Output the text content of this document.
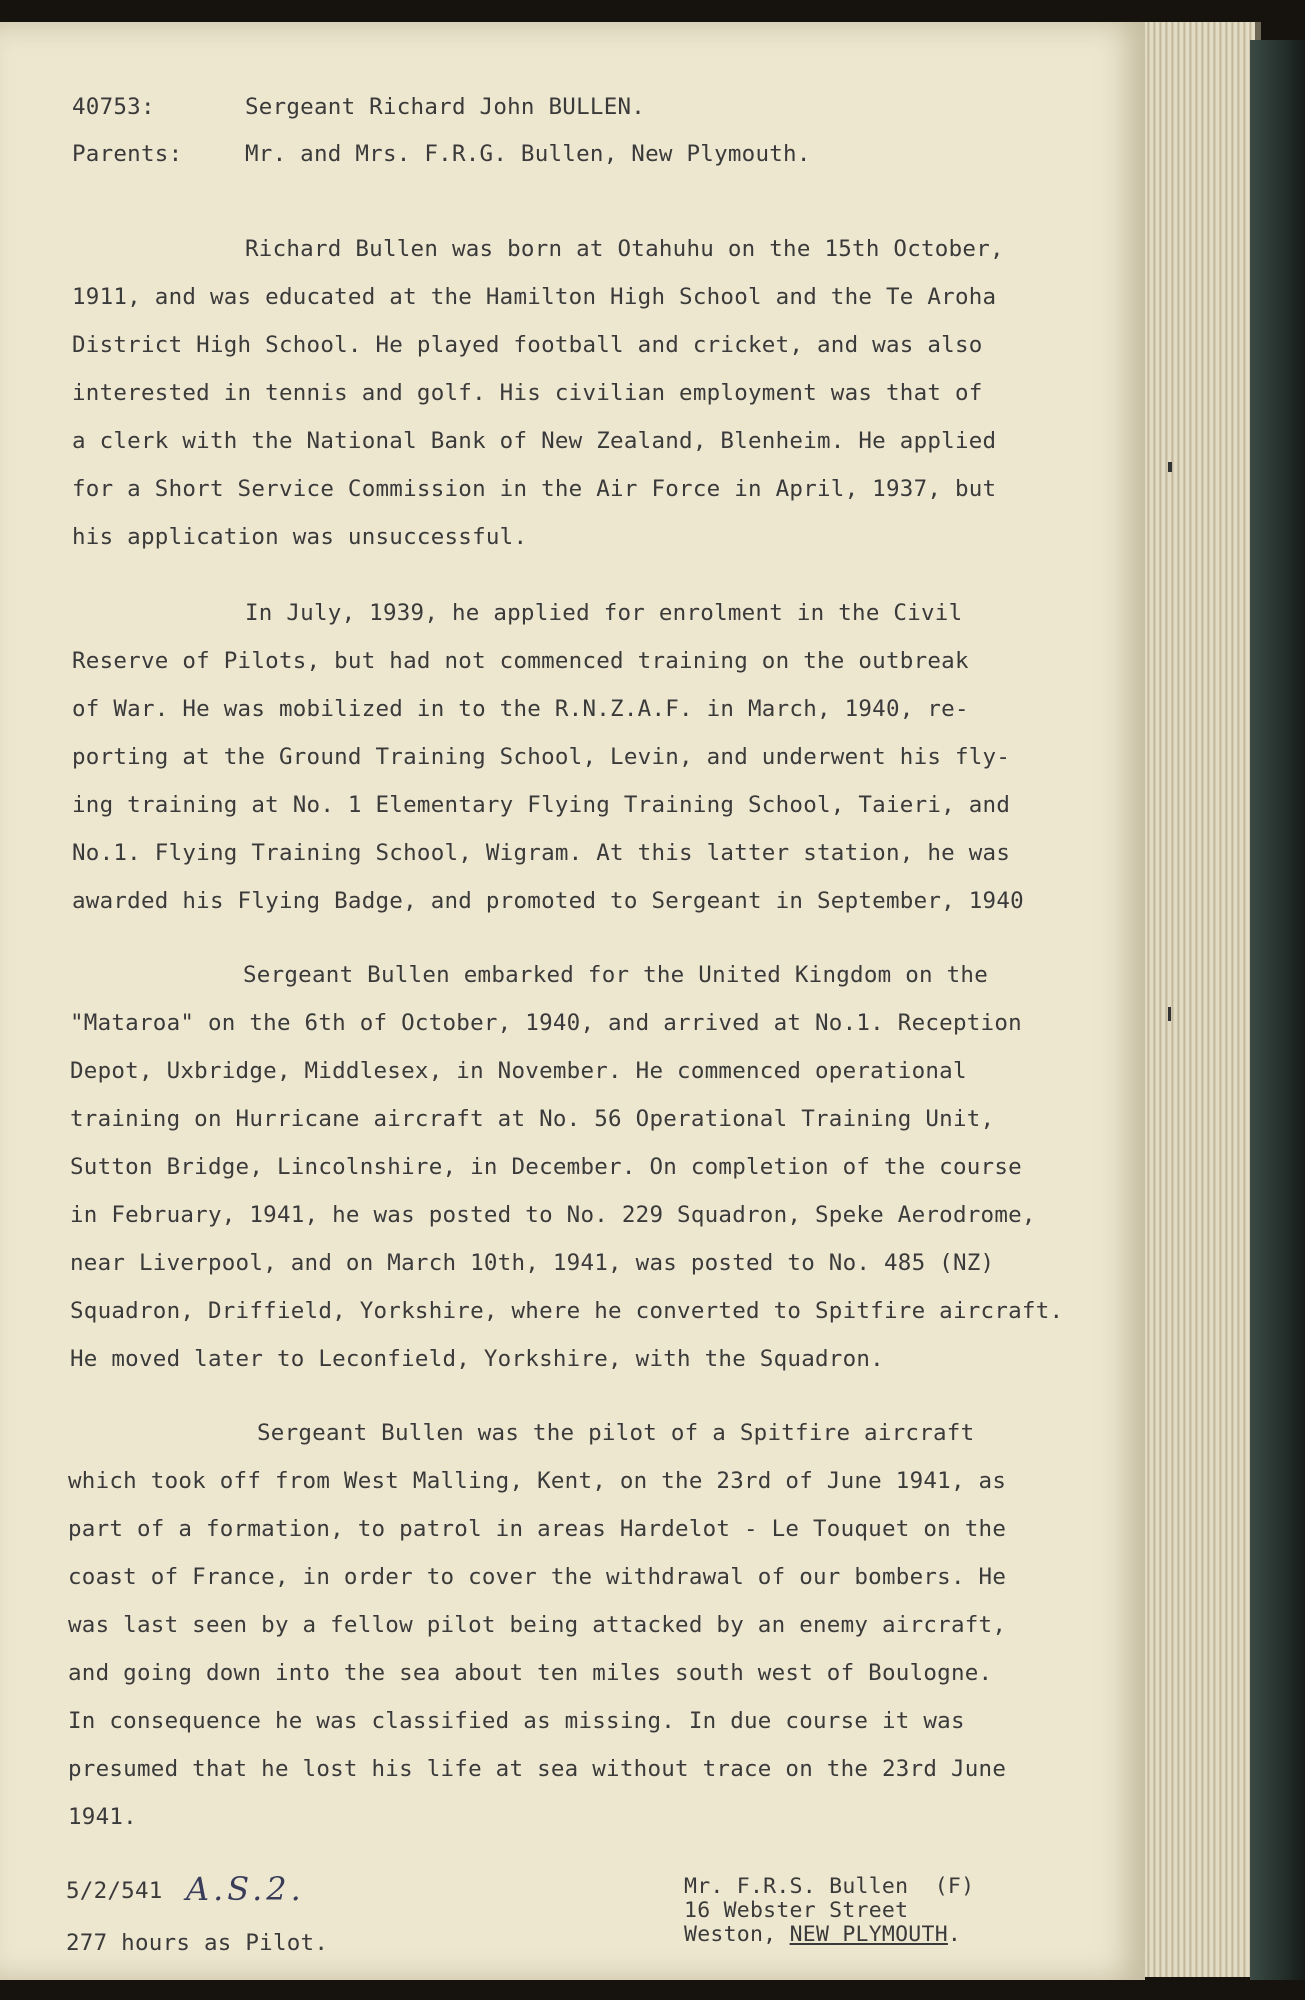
40753:	Sergeant Richard John BULLEN.

Parents:	Mr. and Mrs. F.R.G. Bullen, New Plymouth.

Richard Bullen was born at Otahuhu on the 15th October,

1911, and was educated at the Hamilton High School and the Te Aroha

District High School. He played football and cricket, and was also

interested in tennis and golf. His civilian employment was that of

a clerk with the National Bank of New Zealand, Blenheim. He applied

for a Short Service Commission in the Air Force in April, 1937, but

his application was unsuccessful.

In July, 1939, he applied for enrolment in the Civil

Reserve of Pilots, but had not commenced training on the outbreak

of War. He was mobilized in to the R.N.Z.A.F. in March, 1940, re-

porting at the Ground Training School, Levin, and underwent his fly-

ing training at No. 1 Elementary Flying Training School, Taieri, and

No.1. Flying Training School, Wigram. At this latter station, he was

awarded his Flying Badge, and promoted to Sergeant in September, 1940

Sergeant Bullen embarked for the United Kingdom on the

"Mataroa" on the 6th of October, 1940, and arrived at No.1. Reception

Depot, Uxbridge, Middlesex, in November. He commenced operational

training on Hurricane aircraft at No. 56 Operational Training Unit,

Sutton Bridge, Lincolnshire, in December. On completion of the course

in February, 1941, he was posted to No. 229 Squadron, Speke Aerodrome,

near Liverpool, and on March 10th, 1941, was posted to No. 485 (NZ)

Squadron, Driffield, Yorkshire, where he converted to Spitfire aircraft.

He moved later to Leconfield, Yorkshire, with the Squadron.

Sergeant Bullen was the pilot of a Spitfire aircraft

which took off from West Malling, Kent, on the 23rd of June 1941, as

part of a formation, to patrol in areas Hardelot - Le Touquet on the

coast of France, in order to cover the withdrawal of our bombers. He

was last seen by a fellow pilot being attacked by an enemy aircraft,

and going down into the sea about ten miles south west of Boulogne.

In consequence he was classified as missing. In due course it was

presumed that he lost his life at sea without trace on the 23rd June

1941.

5/2/541 A.S.2.

277 hours as Pilot.

Mr. F.R.S. Bullen  (F)

16 Webster Street

Weston, NEW PLYMOUTH.
